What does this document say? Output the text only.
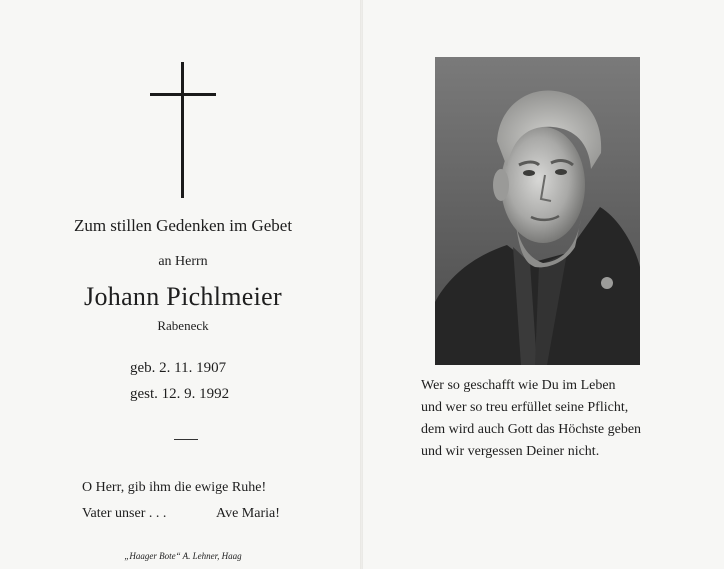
Zum stillen Gedenken im Gebet
an Herrn
Johann Pichlmeier
Rabeneck
geb. 2. 11. 1907
gest. 12. 9. 1992
O Herr, gib ihm die ewige Ruhe!
Vater unser . . .	Ave Maria!
„Haager Bote“ A. Lehner, Haag
Wer so geschafft wie Du im Leben
und wer so treu erfüllet seine Pflicht,
dem wird auch Gott das Höchste geben
und wir vergessen Deiner nicht.
